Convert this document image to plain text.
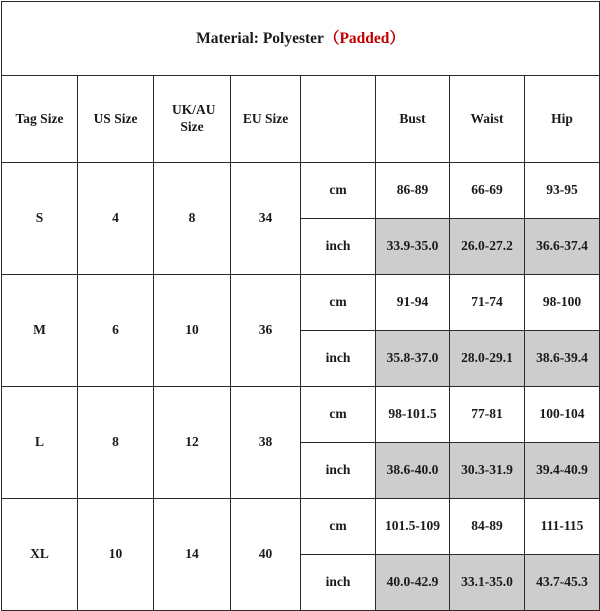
Material: Polyester（Padded）							
Tag Size	US Size	UK/AU Size	EU Size		Bust	Waist	Hip
S	4	8	34	cm	86-89	66-69	93-95
				inch	33.9-35.0	26.0-27.2	36.6-37.4
M	6	10	36	cm	91-94	71-74	98-100
				inch	35.8-37.0	28.0-29.1	38.6-39.4
L	8	12	38	cm	98-101.5	77-81	100-104
				inch	38.6-40.0	30.3-31.9	39.4-40.9
XL	10	14	40	cm	101.5-109	84-89	111-115
				inch	40.0-42.9	33.1-35.0	43.7-45.3
